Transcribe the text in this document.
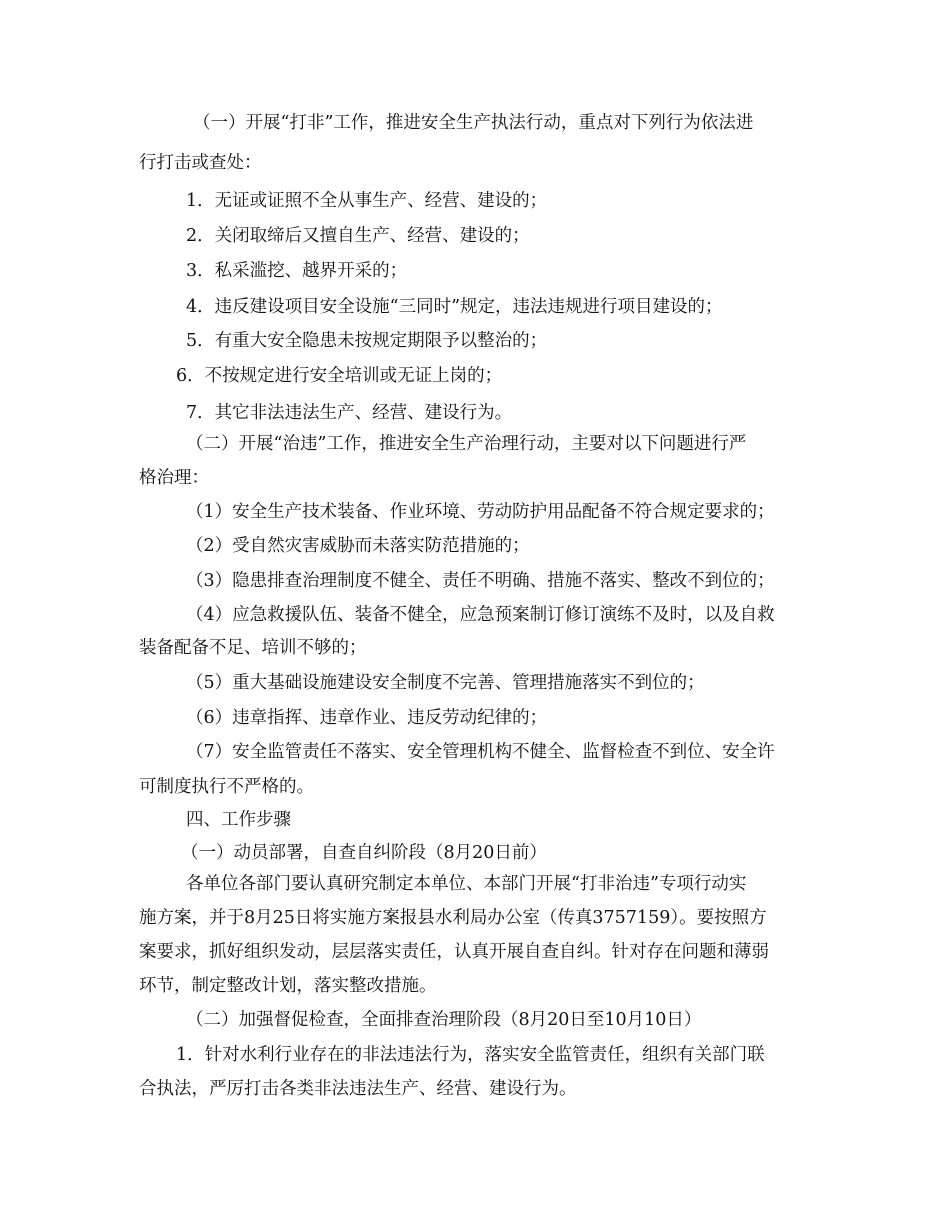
（一）开展“打非”工作，推进安全生产执法行动，重点对下列行为依法进
行打击或查处：
1．无证或证照不全从事生产、经营、建设的；
2．关闭取缔后又擅自生产、经营、建设的；
3．私采滥挖、越界开采的；
4．违反建设项目安全设施“三同时”规定，违法违规进行项目建设的；
5．有重大安全隐患未按规定期限予以整治的；
6．不按规定进行安全培训或无证上岗的；
7．其它非法违法生产、经营、建设行为。
（二）开展“治违”工作，推进安全生产治理行动，主要对以下问题进行严
格治理：
（1）安全生产技术装备、作业环境、劳动防护用品配备不符合规定要求的；
（2）受自然灾害威胁而未落实防范措施的；
（3）隐患排查治理制度不健全、责任不明确、措施不落实、整改不到位的；
（4）应急救援队伍、装备不健全，应急预案制订修订演练不及时，以及自救
装备配备不足、培训不够的；
（5）重大基础设施建设安全制度不完善、管理措施落实不到位的；
（6）违章指挥、违章作业、违反劳动纪律的；
（7）安全监管责任不落实、安全管理机构不健全、监督检查不到位、安全许
可制度执行不严格的。
四、工作步骤
（一）动员部署，自查自纠阶段（8月20日前）
各单位各部门要认真研究制定本单位、本部门开展“打非治违”专项行动实
施方案，并于8月25日将实施方案报县水利局办公室（传真3757159）。要按照方
案要求，抓好组织发动，层层落实责任，认真开展自查自纠。针对存在问题和薄弱
环节，制定整改计划，落实整改措施。
（二）加强督促检查，全面排查治理阶段（8月20日至10月10日）
1．针对水利行业存在的非法违法行为，落实安全监管责任，组织有关部门联
合执法，严厉打击各类非法违法生产、经营、建设行为。
